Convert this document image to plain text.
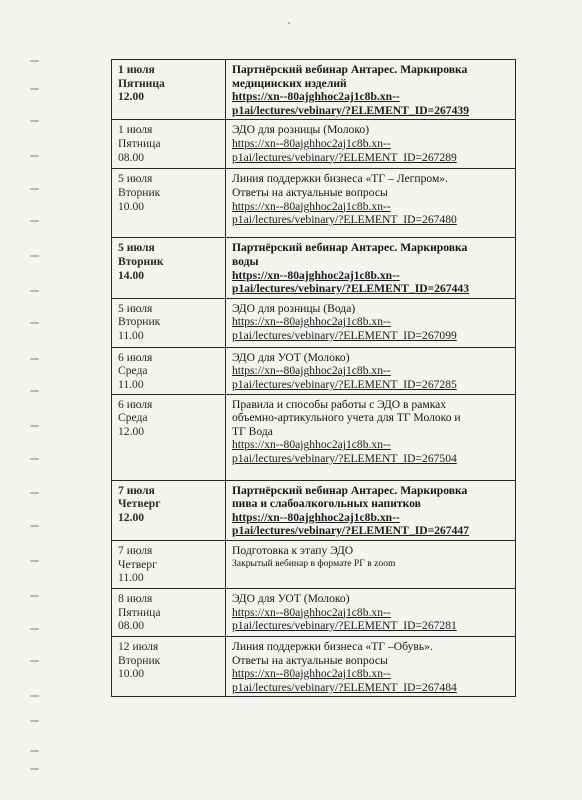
1 июля
Пятница
12.00	Партнёрский вебинар Антарес. Маркировка
медицинских изделий
https://xn--80ajghhoc2aj1c8b.xn--
p1ai/lectures/vebinary/?ELEMENT_ID=267439

1 июля
Пятница
08.00	ЭДО для розницы (Молоко)
https://xn--80ajghhoc2aj1c8b.xn--
p1ai/lectures/vebinary/?ELEMENT_ID=267289

5 июля
Вторник
10.00	Линия поддержки бизнеса «ТГ – Легпром».
Ответы на актуальные вопросы
https://xn--80ajghhoc2aj1c8b.xn--
p1ai/lectures/vebinary/?ELEMENT_ID=267480

5 июля
Вторник
14.00	Партнёрский вебинар Антарес. Маркировка
воды
https://xn--80ajghhoc2aj1c8b.xn--
p1ai/lectures/vebinary/?ELEMENT_ID=267443

5 июля
Вторник
11.00	ЭДО для розницы (Вода)
https://xn--80ajghhoc2aj1c8b.xn--
p1ai/lectures/vebinary/?ELEMENT_ID=267099

6 июля
Среда
11.00	ЭДО для УОТ (Молоко)
https://xn--80ajghhoc2aj1c8b.xn--
p1ai/lectures/vebinary/?ELEMENT_ID=267285

6 июля
Среда
12.00	Правила и способы работы с ЭДО в рамках
объемно-артикульного учета для ТГ Молоко и
ТГ Вода
https://xn--80ajghhoc2aj1c8b.xn--
p1ai/lectures/vebinary/?ELEMENT_ID=267504

7 июля
Четверг
12.00	Партнёрский вебинар Антарес. Маркировка
пива и слабоалкогольных напитков
https://xn--80ajghhoc2aj1c8b.xn--
p1ai/lectures/vebinary/?ELEMENT_ID=267447

7 июля
Четверг
11.00	Подготовка к этапу ЭДО
Закрытый вебинар в формате РГ в zoom

8 июля
Пятница
08.00	ЭДО для УОТ (Молоко)
https://xn--80ajghhoc2aj1c8b.xn--
p1ai/lectures/vebinary/?ELEMENT_ID=267281

12 июля
Вторник
10.00	Линия поддержки бизнеса «ТГ –Обувь».
Ответы на актуальные вопросы
https://xn--80ajghhoc2aj1c8b.xn--
p1ai/lectures/vebinary/?ELEMENT_ID=267484
